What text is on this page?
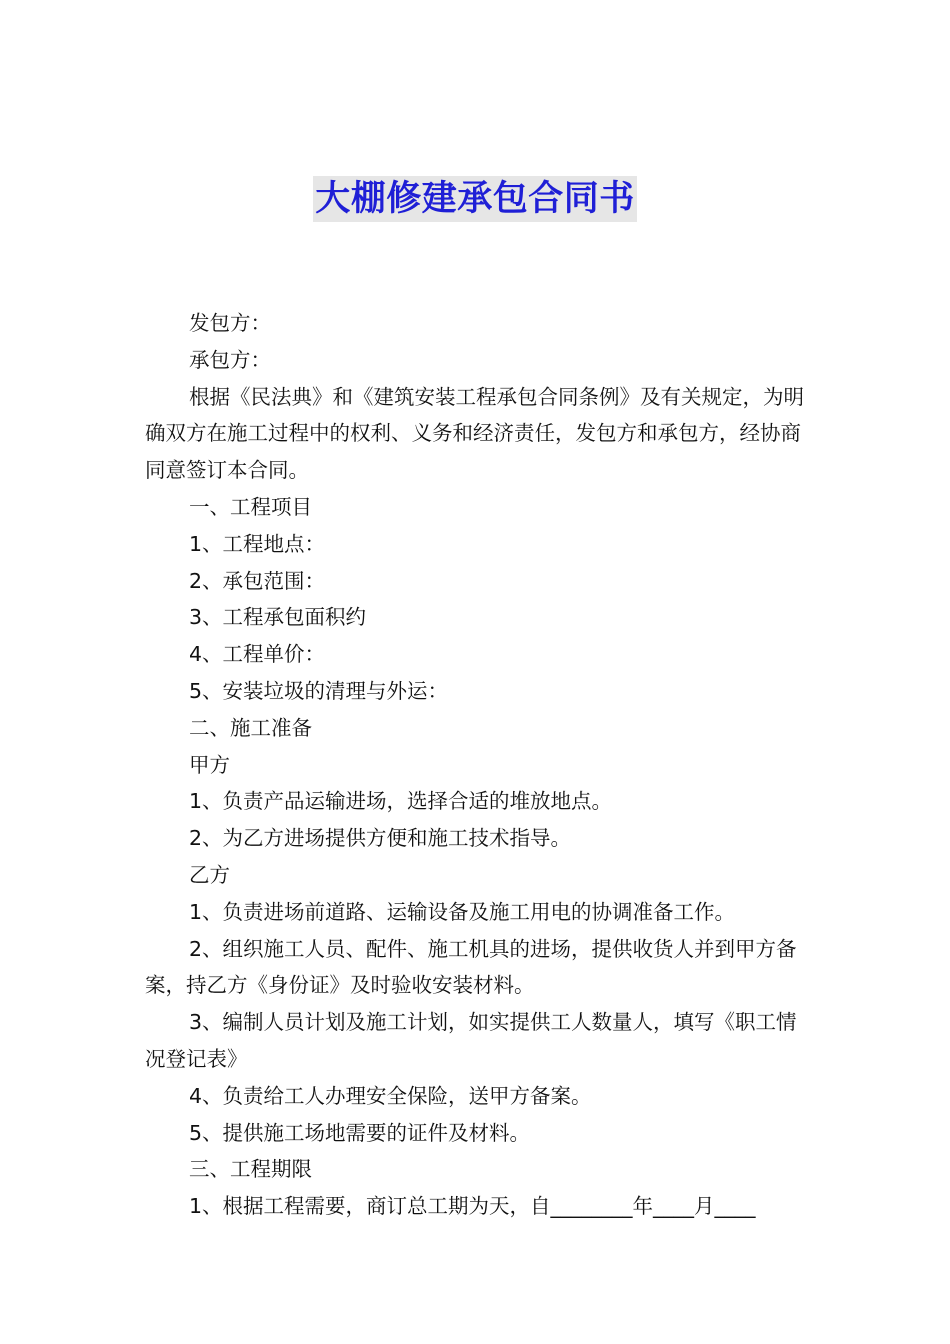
大棚修建承包合同书

发包方：

承包方：

根据《民法典》和《建筑安装工程承包合同条例》及有关规定，为明确双方在施工过程中的权利、义务和经济责任，发包方和承包方，经协商同意签订本合同。

一、工程项目

1、工程地点：

2、承包范围：

3、工程承包面积约

4、工程单价：

5、安装垃圾的清理与外运：

二、施工准备

甲方

1、负责产品运输进场，选择合适的堆放地点。

2、为乙方进场提供方便和施工技术指导。

乙方

1、负责进场前道路、运输设备及施工用电的协调准备工作。

2、组织施工人员、配件、施工机具的进场，提供收货人并到甲方备案，持乙方《身份证》及时验收安装材料。

3、编制人员计划及施工计划，如实提供工人数量人，填写《职工情况登记表》

4、负责给工人办理安全保险，送甲方备案。

5、提供施工场地需要的证件及材料。

三、工程期限

1、根据工程需要，商订总工期为天，自________年____月____
